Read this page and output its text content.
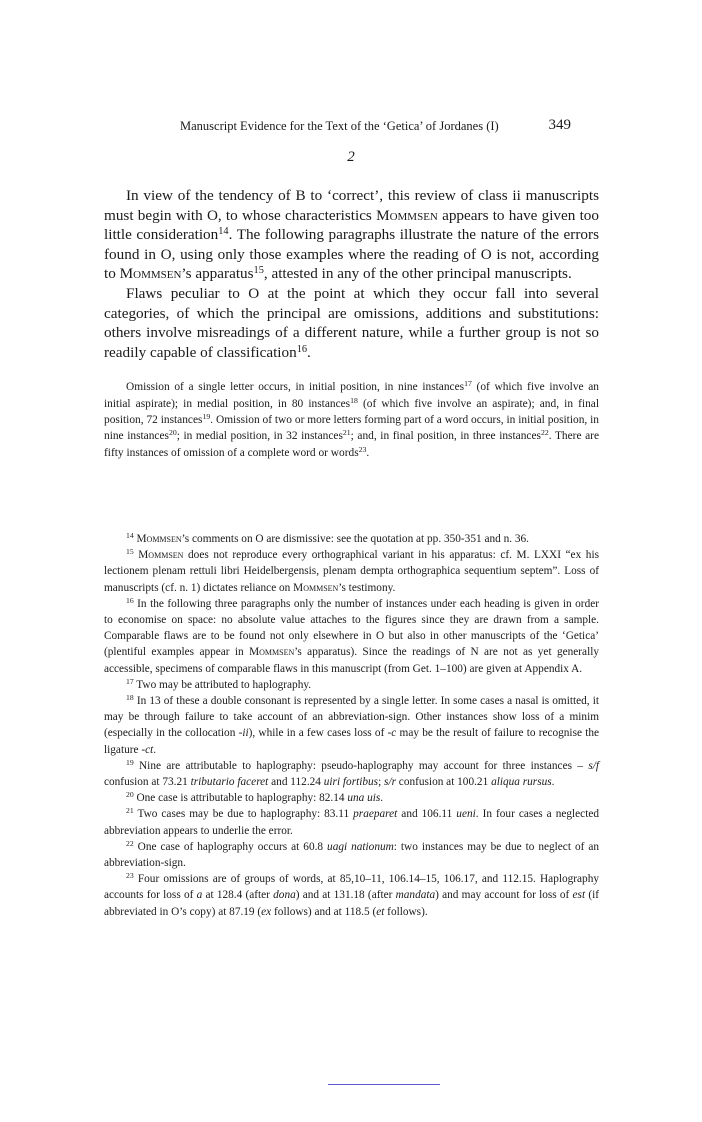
Manuscript Evidence for the Text of the ‘Getica’ of Jordanes (I)	349
2

In view of the tendency of B to ‘correct’, this review of class ii manuscripts must begin with O, to whose characteristics Mommsen appears to have given too little consideration$^{14}$. The following paragraphs illustrate the nature of the errors found in O, using only those examples where the reading of O is not, according to Mommsen’s apparatus$^{15}$, attested in any of the other principal manuscripts.

Flaws peculiar to O at the point at which they occur fall into several categories, of which the principal are omissions, additions and substitutions: others involve misreadings of a different nature, while a further group is not so readily capable of classification$^{16}$.

Omission of a single letter occurs, in initial position, in nine instances$^{17}$ (of which five involve an initial aspirate); in medial position, in 80 instances$^{18}$ (of which five involve an aspirate); and, in final position, 72 instances$^{19}$. Omission of two or more letters forming part of a word occurs, in initial position, in nine instances$^{20}$; in medial position, in 32 instances$^{21}$; and, in final position, in three instances$^{22}$. There are fifty instances of omission of a complete word or words$^{23}$.

$^{14}$ Mommsen’s comments on O are dismissive: see the quotation at pp. 350-351 and n. 36.

$^{15}$ Mommsen does not reproduce every orthographical variant in his apparatus: cf. M. LXXI “ex his lectionem plenam rettuli libri Heidelbergensis, plenam dempta orthographica sequentium septem”. Loss of manuscripts (cf. n. 1) dictates reliance on Mommsen’s testimony.

$^{16}$ In the following three paragraphs only the number of instances under each heading is given in order to economise on space: no absolute value attaches to the figures since they are drawn from a sample. Comparable flaws are to be found not only elsewhere in O but also in other manuscripts of the ‘Getica’ (plentiful examples appear in Mommsen’s apparatus). Since the readings of N are not as yet generally accessible, specimens of comparable flaws in this manuscript (from Get. 1–100) are given at Appendix A.

$^{17}$ Two may be attributed to haplography.

$^{18}$ In 13 of these a double consonant is represented by a single letter. In some cases a nasal is omitted, it may be through failure to take account of an abbreviation-sign. Other instances show loss of a minim (especially in the collocation -ii), while in a few cases loss of -c may be the result of failure to recognise the ligature -ct.

$^{19}$ Nine are attributable to haplography: pseudo-haplography may account for three instances – s/f confusion at 73.21 tributario faceret and 112.24 uiri fortibus; s/r confusion at 100.21 aliqua rursus.

$^{20}$ One case is attributable to haplography: 82.14 una uis.

$^{21}$ Two cases may be due to haplography: 83.11 praeparet and 106.11 ueni. In four cases a neglected abbreviation appears to underlie the error.

$^{22}$ One case of haplography occurs at 60.8 uagi nationum: two instances may be due to neglect of an abbreviation-sign.

$^{23}$ Four omissions are of groups of words, at 85,10–11, 106.14–15, 106.17, and 112.15. Haplography accounts for loss of a at 128.4 (after dona) and at 131.18 (after mandata) and may account for loss of est (if abbreviated in O’s copy) at 87.19 (ex follows) and at 118.5 (et follows).
